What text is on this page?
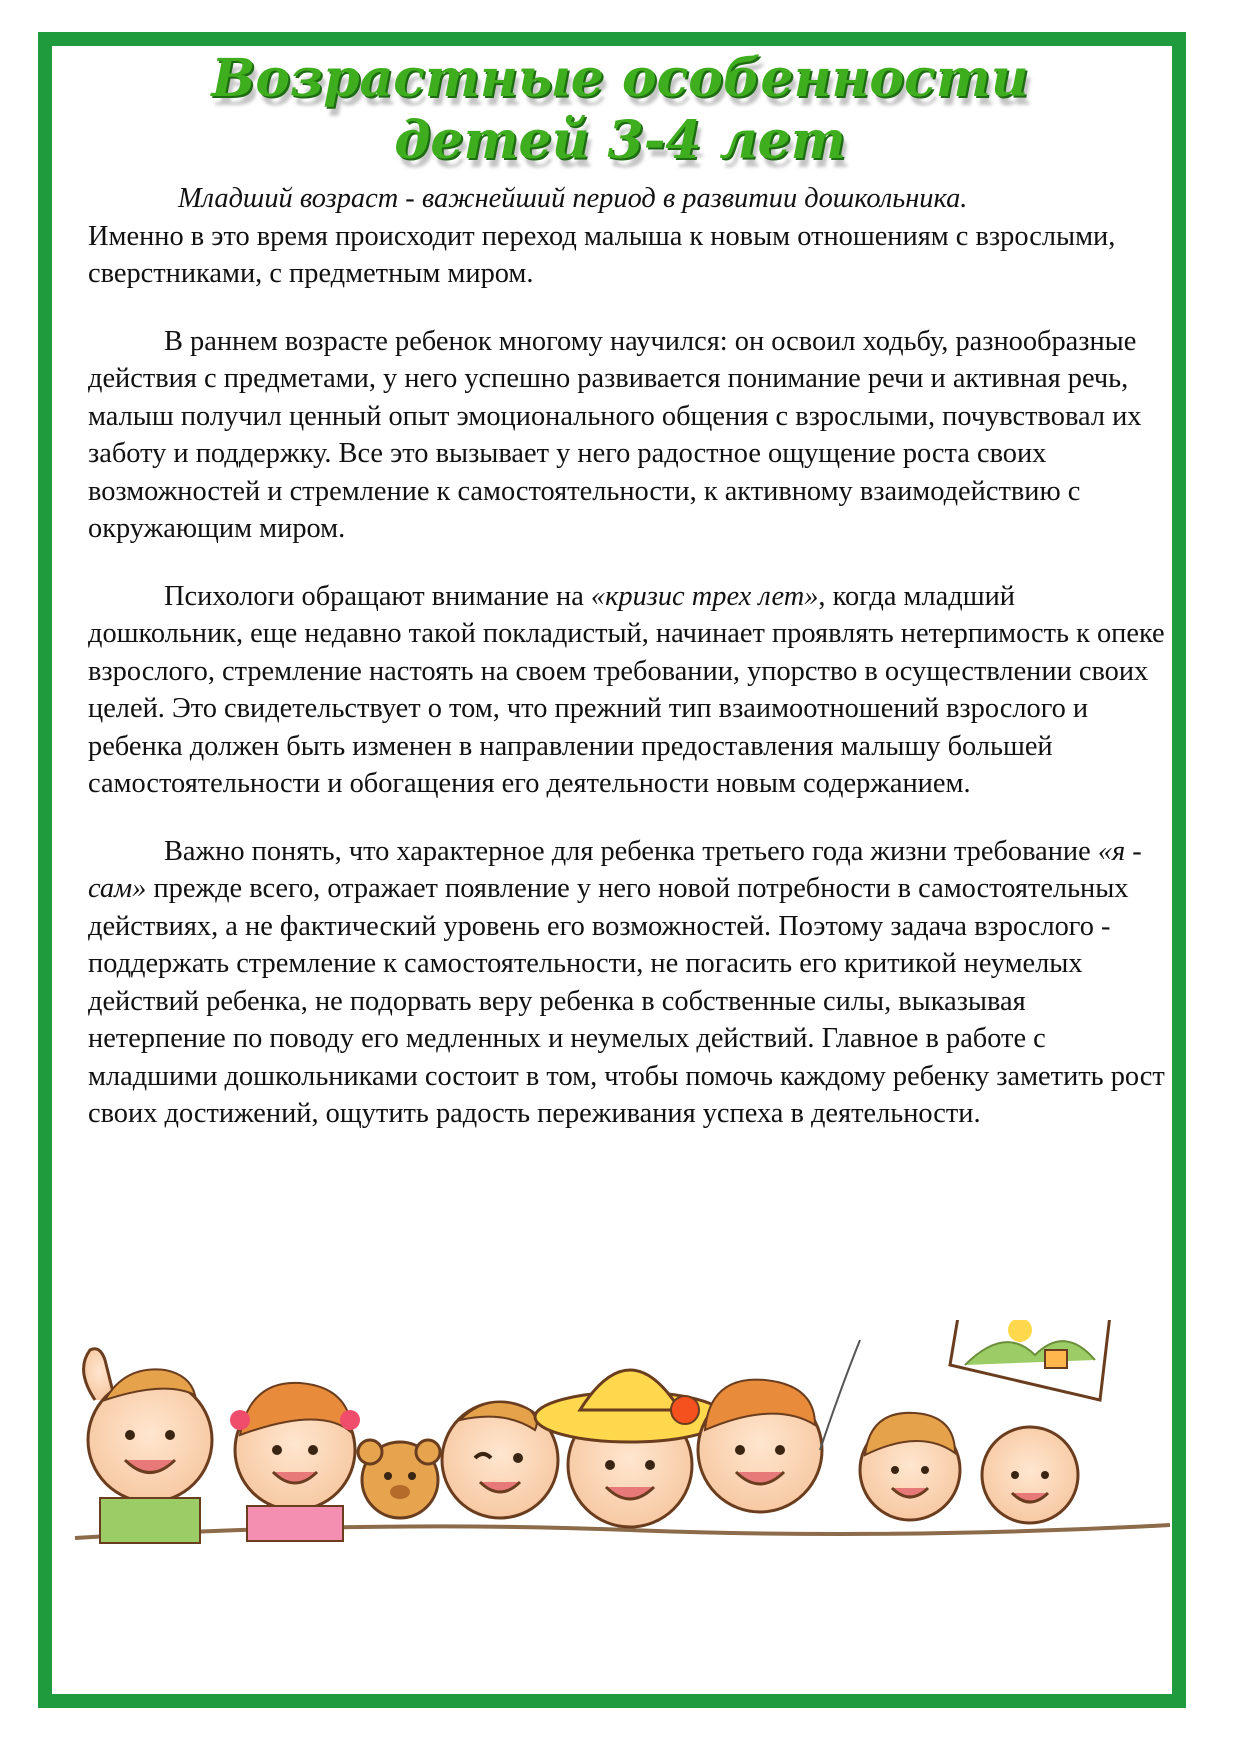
Возрастные особенности
детей 3-4 лет

Младший возраст - важнейший период в развитии дошкольника.
Именно в это время происходит переход малыша к новым отношениям с взрослыми, сверстниками, с предметным миром.

В раннем возрасте ребенок многому научился: он освоил ходьбу, разнообразные действия с предметами, у него успешно развивается понимание речи и активная речь, малыш получил ценный опыт эмоционального общения с взрослыми, почувствовал их заботу и поддержку. Все это вызывает у него радостное ощущение роста своих возможностей и стремление к самостоятельности, к активному взаимодействию с окружающим миром.

Психологи обращают внимание на «кризис трех лет», когда младший дошкольник, еще недавно такой покладистый, начинает проявлять нетерпимость к опеке взрослого, стремление настоять на своем требовании, упорство в осуществлении своих целей. Это свидетельствует о том, что прежний тип взаимоотношений взрослого и ребенка должен быть изменен в направлении предоставления малышу большей самостоятельности и обогащения его деятельности новым содержанием.

Важно понять, что характерное для ребенка третьего года жизни требование «я - сам» прежде всего, отражает появление у него новой потребности в самостоятельных действиях, а не фактический уровень его возможностей. Поэтому задача взрослого - поддержать стремление к самостоятельности, не погасить его критикой неумелых действий ребенка, не подорвать веру ребенка в собственные силы, выказывая нетерпение по поводу его медленных и неумелых действий. Главное в работе с младшими дошкольниками состоит в том, чтобы помочь каждому ребенку заметить рост своих достижений, ощутить радость переживания успеха в деятельности.
